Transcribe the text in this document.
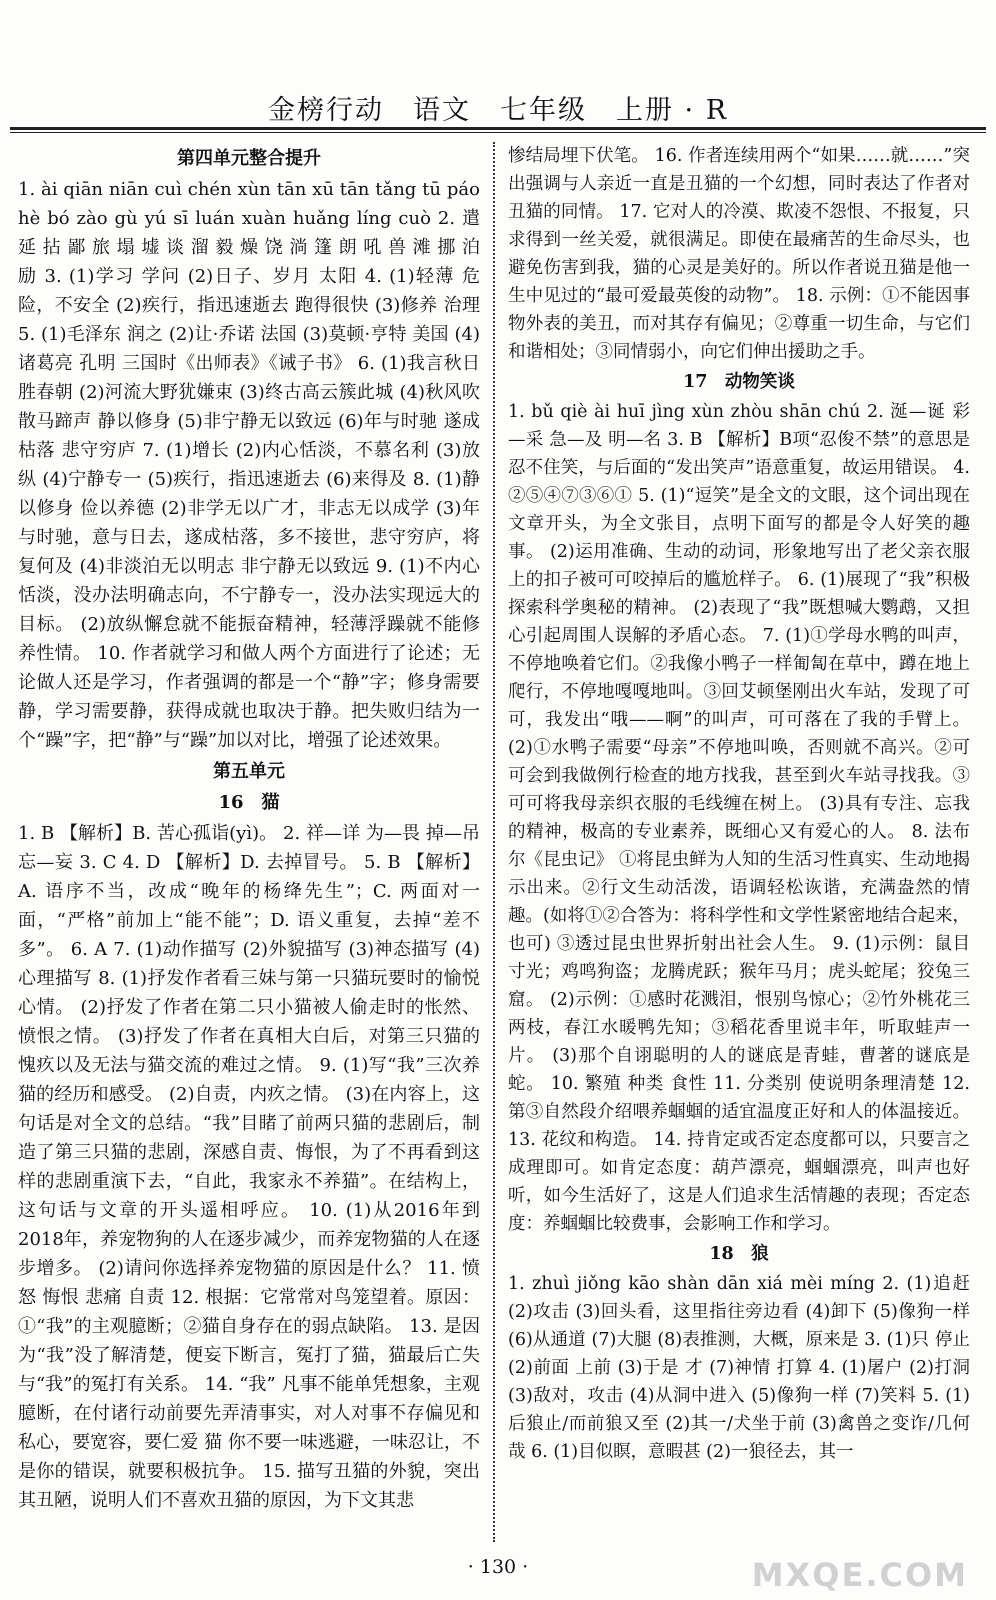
金榜行动　语文　七年级　上册 · R
第四单元整合提升

1. ài qiān niān cuì chén xùn tān xū tān tǎng tū páo hè bó zào gù yú sī luán xuàn huǎng líng cuò 2. 遣 延 拈 鄙 旅 塌 墟 谈 溜 毅 燥 饶 淌 篷 朗 吼 兽 滩 挪 泊 励 3. (1)学习 学问 (2)日子、岁月 太阳 4. (1)轻薄 危险，不安全 (2)疾行，指迅速逝去 跑得很快 (3)修养 治理 5. (1)毛泽东 润之 (2)让·乔诺 法国 (3)莫顿·亨特 美国 (4)诸葛亮 孔明 三国时《出师表》《诫子书》 6. (1)我言秋日胜春朝 (2)河流大野犹嫌束 (3)终古高云簇此城 (4)秋风吹散马蹄声 静以修身 (5)非宁静无以致远 (6)年与时驰 遂成枯落 悲守穷庐 7. (1)增长 (2)内心恬淡，不慕名利 (3)放纵 (4)宁静专一 (5)疾行，指迅速逝去 (6)来得及 8. (1)静以修身 俭以养德 (2)非学无以广才，非志无以成学 (3)年与时驰，意与日去，遂成枯落，多不接世，悲守穷庐，将复何及 (4)非淡泊无以明志 非宁静无以致远 9. (1)不内心恬淡，没办法明确志向，不宁静专一，没办法实现远大的目标。 (2)放纵懈怠就不能振奋精神，轻薄浮躁就不能修养性情。 10. 作者就学习和做人两个方面进行了论述；无论做人还是学习，作者强调的都是一个“静”字；修身需要静，学习需要静，获得成就也取决于静。把失败归结为一个“躁”字，把“静”与“躁”加以对比，增强了论述效果。

第五单元
16　猫

1. B 【解析】B. 苦心孤诣(yì)。 2. 祥—详 为—畏 掉—吊 忘—妄 3. C 4. D 【解析】D. 去掉冒号。 5. B 【解析】A. 语序不当，改成“晚年的杨绛先生”；C. 两面对一面，“严格”前加上“能不能”；D. 语义重复，去掉“差不多”。 6. A 7. (1)动作描写 (2)外貌描写 (3)神态描写 (4)心理描写 8. (1)抒发作者看三妹与第一只猫玩要时的愉悦心情。 (2)抒发了作者在第二只小猫被人偷走时的怅然、愤恨之情。 (3)抒发了作者在真相大白后，对第三只猫的愧疚以及无法与猫交流的难过之情。 9. (1)写“我”三次养猫的经历和感受。 (2)自责，内疚之情。 (3)在内容上，这句话是对全文的总结。“我”目睹了前两只猫的悲剧后，制造了第三只猫的悲剧，深感自责、悔恨，为了不再看到这样的悲剧重演下去，“自此，我家永不养猫”。在结构上，这句话与文章的开头遥相呼应。 10. (1)从2016年到2018年，养宠物狗的人在逐步减少，而养宠物猫的人在逐步增多。 (2)请问你选择养宠物猫的原因是什么？ 11. 愤怒 悔恨 悲痛 自责 12. 根据：它常常对鸟笼望着。原因：①“我”的主观臆断；②猫自身存在的弱点缺陷。 13. 是因为“我”没了解清楚，便妄下断言，冤打了猫，猫最后亡失与“我”的冤打有关系。 14. “我” 凡事不能单凭想象，主观臆断，在付诸行动前要先弄清事实，对人对事不存偏见和私心，要宽容，要仁爱 猫 你不要一味逃避，一味忍让，不是你的错误，就要积极抗争。 15. 描写丑猫的外貌，突出其丑陋，说明人们不喜欢丑猫的原因，为下文其悲

惨结局埋下伏笔。 16. 作者连续用两个“如果……就……”突出强调与人亲近一直是丑猫的一个幻想，同时表达了作者对丑猫的同情。 17. 它对人的冷漠、欺凌不怨恨、不报复，只求得到一丝关爱，就很满足。即使在最痛苦的生命尽头，也避免伤害到我，猫的心灵是美好的。所以作者说丑猫是他一生中见过的“最可爱最英俊的动物”。 18. 示例：①不能因事物外表的美丑，而对其存有偏见；②尊重一切生命，与它们和谐相处；③同情弱小，向它们伸出援助之手。

17　动物笑谈

1. bǔ qiè ài huī jìng xùn zhòu shān chú 2. 涎—诞 彩—采 急—及 明—名 3. B 【解析】B项“忍俊不禁”的意思是忍不住笑，与后面的“发出笑声”语意重复，故运用错误。 4. ②⑤④⑦③⑥① 5. (1)“逗笑”是全文的文眼，这个词出现在文章开头，为全文张目，点明下面写的都是令人好笑的趣事。 (2)运用准确、生动的动词，形象地写出了老父亲衣服上的扣子被可可咬掉后的尴尬样子。 6. (1)展现了“我”积极探索科学奥秘的精神。 (2)表现了“我”既想喊大鹦鹉，又担心引起周围人误解的矛盾心态。 7. (1)①学母水鸭的叫声，不停地唤着它们。②我像小鸭子一样匍匐在草中，蹲在地上爬行，不停地嘎嘎地叫。③回艾顿堡刚出火车站，发现了可可，我发出“哦——啊”的叫声，可可落在了我的手臂上。 (2)①水鸭子需要“母亲”不停地叫唤，否则就不高兴。②可可会到我做例行检查的地方找我，甚至到火车站寻找我。③可可将我母亲织衣服的毛线缠在树上。 (3)具有专注、忘我的精神，极高的专业素养，既细心又有爱心的人。 8. 法布尔《昆虫记》 ①将昆虫鲜为人知的生活习性真实、生动地揭示出来。②行文生动活泼，语调轻松诙谐，充满盎然的情趣。(如将①②合答为：将科学性和文学性紧密地结合起来，也可) ③透过昆虫世界折射出社会人生。 9. (1)示例：鼠目寸光；鸡鸣狗盗；龙腾虎跃；猴年马月；虎头蛇尾；狡兔三窟。 (2)示例：①感时花溅泪，恨别鸟惊心；②竹外桃花三两枝，春江水暖鸭先知；③稻花香里说丰年，听取蛙声一片。 (3)那个自诩聪明的人的谜底是青蛙，曹著的谜底是蛇。 10. 繁殖 种类 食性 11. 分类别 使说明条理清楚 12. 第③自然段介绍喂养蝈蝈的适宜温度正好和人的体温接近。 13. 花纹和构造。 14. 持肯定或否定态度都可以，只要言之成理即可。如肯定态度：葫芦漂亮，蝈蝈漂亮，叫声也好听，如今生活好了，这是人们追求生活情趣的表现；否定态度：养蝈蝈比较费事，会影响工作和学习。

18　狼

1. zhuì jiǒng kāo shàn dān xiá mèi míng 2. (1)追赶 (2)攻击 (3)回头看，这里指往旁边看 (4)卸下 (5)像狗一样 (6)从通道 (7)大腿 (8)表推测，大概，原来是 3. (1)只 停止 (2)前面 上前 (3)于是 才 (7)神情 打算 4. (1)屠户 (2)打洞 (3)敌对，攻击 (4)从洞中进入 (5)像狗一样 (7)笑料 5. (1)后狼止/而前狼又至 (2)其一/犬坐于前 (3)禽兽之变诈/几何哉 6. (1)目似瞑，意暇甚 (2)一狼径去，其一

· 130 ·	MXQE.COM
